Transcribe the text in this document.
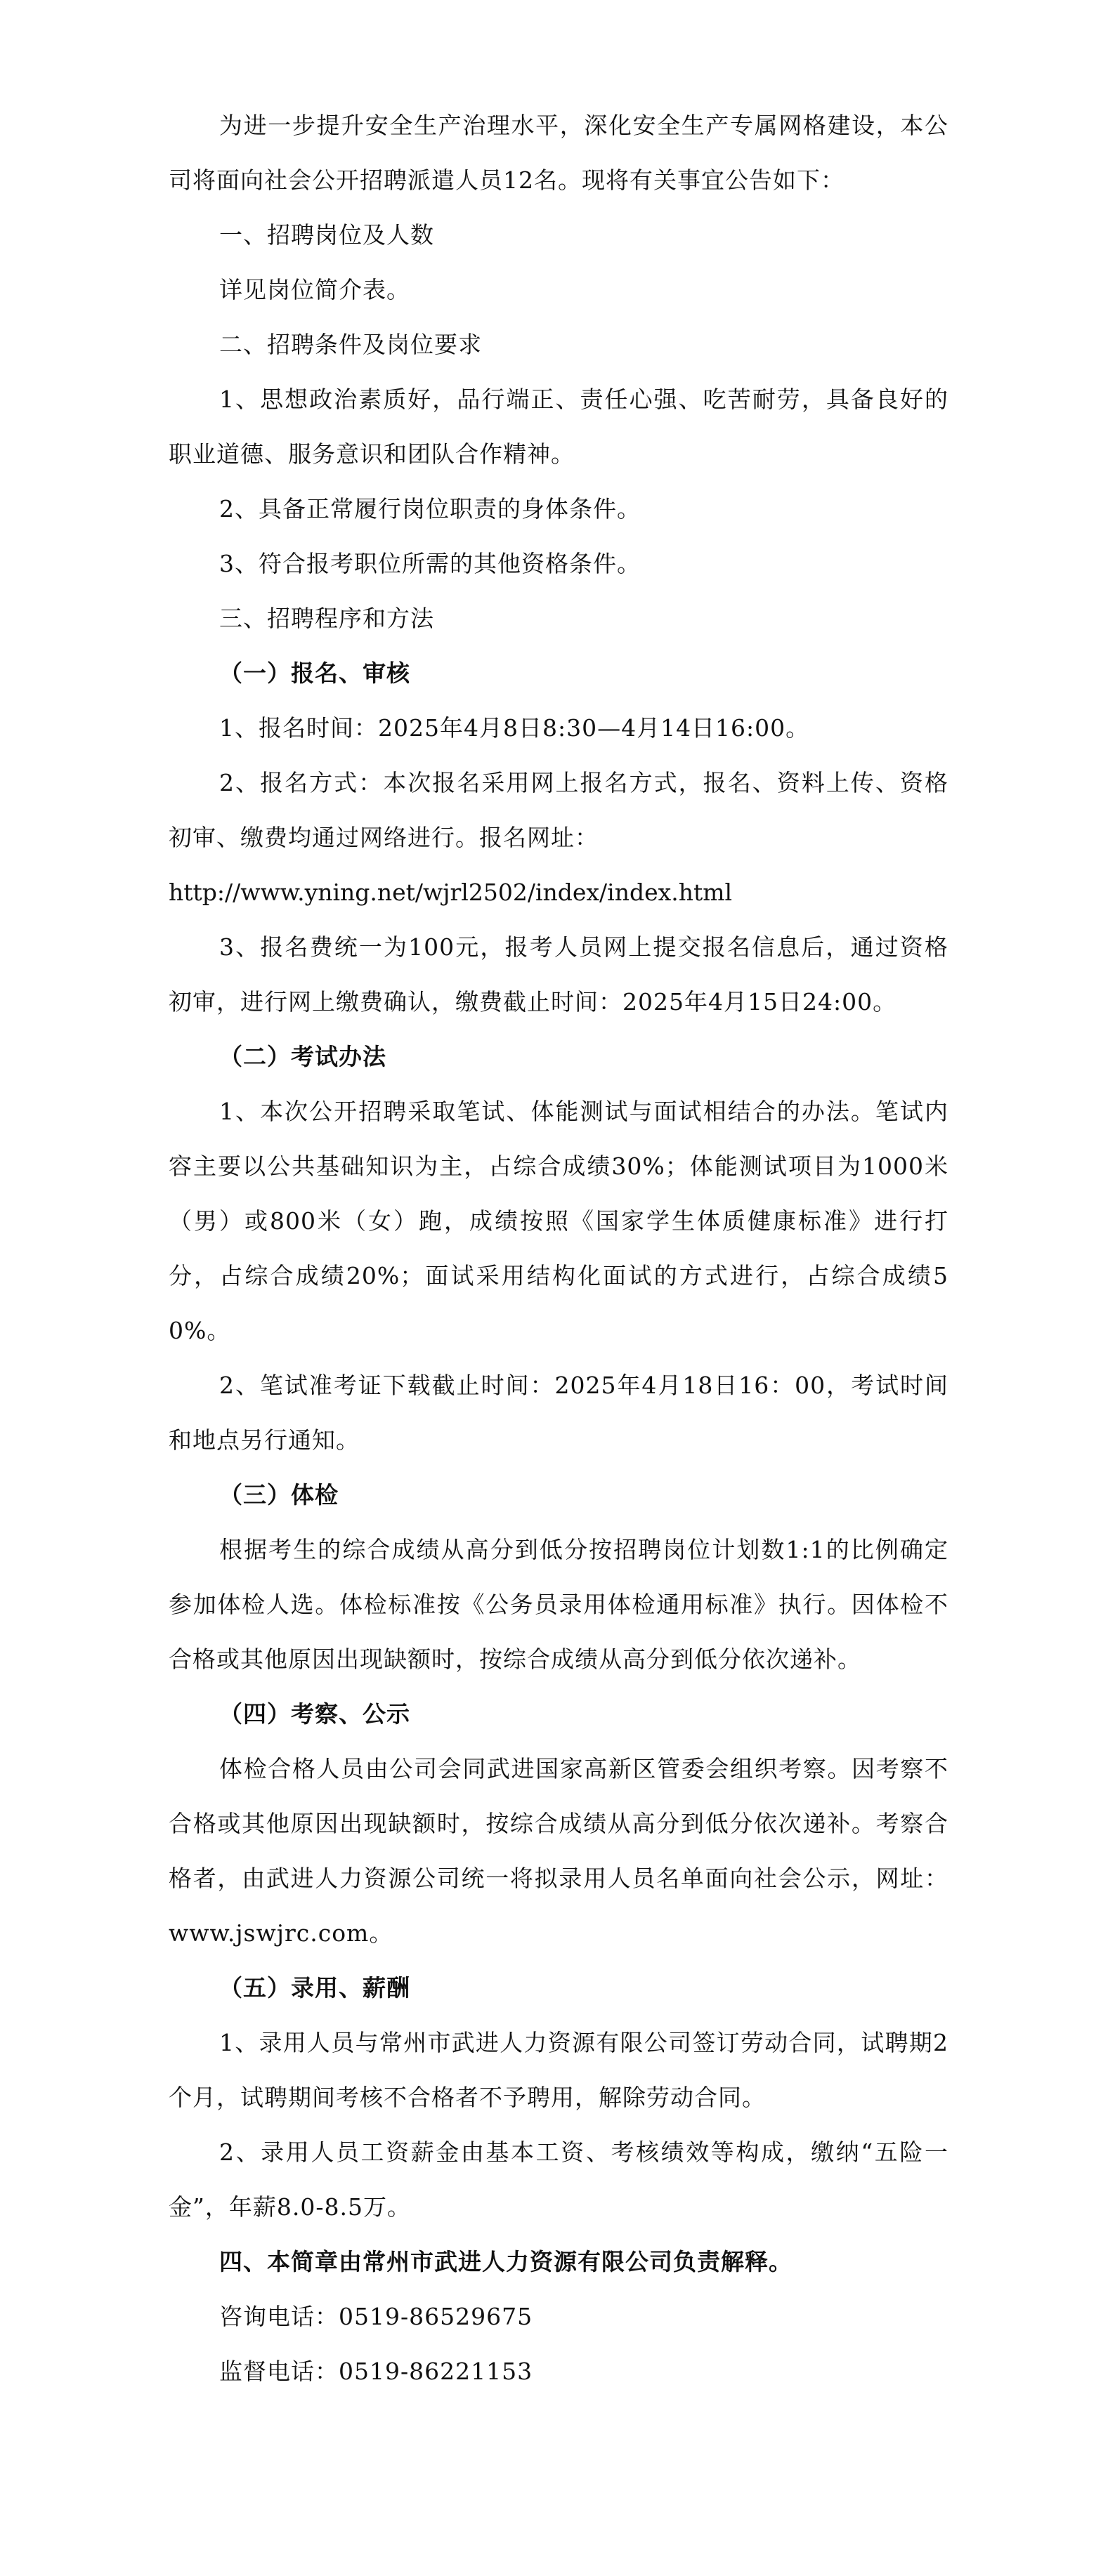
为进一步提升安全生产治理水平，深化安全生产专属网格建设，本公司将面向社会公开招聘派遣人员12名。现将有关事宜公告如下：

一、招聘岗位及人数

详见岗位简介表。

二、招聘条件及岗位要求

1、思想政治素质好，品行端正、责任心强、吃苦耐劳，具备良好的职业道德、服务意识和团队合作精神。

2、具备正常履行岗位职责的身体条件。

3、符合报考职位所需的其他资格条件。

三、招聘程序和方法

（一）报名、审核

1、报名时间：2025年4月8日8:30—4月14日16:00。

2、报名方式：本次报名采用网上报名方式，报名、资料上传、资格初审、缴费均通过网络进行。报名网址：

http://www.yning.net/wjrl2502/index/index.html

3、报名费统一为100元，报考人员网上提交报名信息后，通过资格初审，进行网上缴费确认，缴费截止时间：2025年4月15日24:00。

（二）考试办法

1、本次公开招聘采取笔试、体能测试与面试相结合的办法。笔试内容主要以公共基础知识为主，占综合成绩30%；体能测试项目为1000米（男）或800米（女）跑，成绩按照《国家学生体质健康标准》进行打分，占综合成绩20%；面试采用结构化面试的方式进行，占综合成绩50%。

2、笔试准考证下载截止时间：2025年4月18日16：00，考试时间和地点另行通知。

（三）体检

根据考生的综合成绩从高分到低分按招聘岗位计划数1:1的比例确定参加体检人选。体检标准按《公务员录用体检通用标准》执行。因体检不合格或其他原因出现缺额时，按综合成绩从高分到低分依次递补。

（四）考察、公示

体检合格人员由公司会同武进国家高新区管委会组织考察。因考察不合格或其他原因出现缺额时，按综合成绩从高分到低分依次递补。考察合格者，由武进人力资源公司统一将拟录用人员名单面向社会公示，网址：www.jswjrc.com。

（五）录用、薪酬

1、录用人员与常州市武进人力资源有限公司签订劳动合同，试聘期2个月，试聘期间考核不合格者不予聘用，解除劳动合同。

2、录用人员工资薪金由基本工资、考核绩效等构成，缴纳“五险一金”，年薪8.0-8.5万。

四、本简章由常州市武进人力资源有限公司负责解释。

咨询电话：0519-86529675

监督电话：0519-86221153
